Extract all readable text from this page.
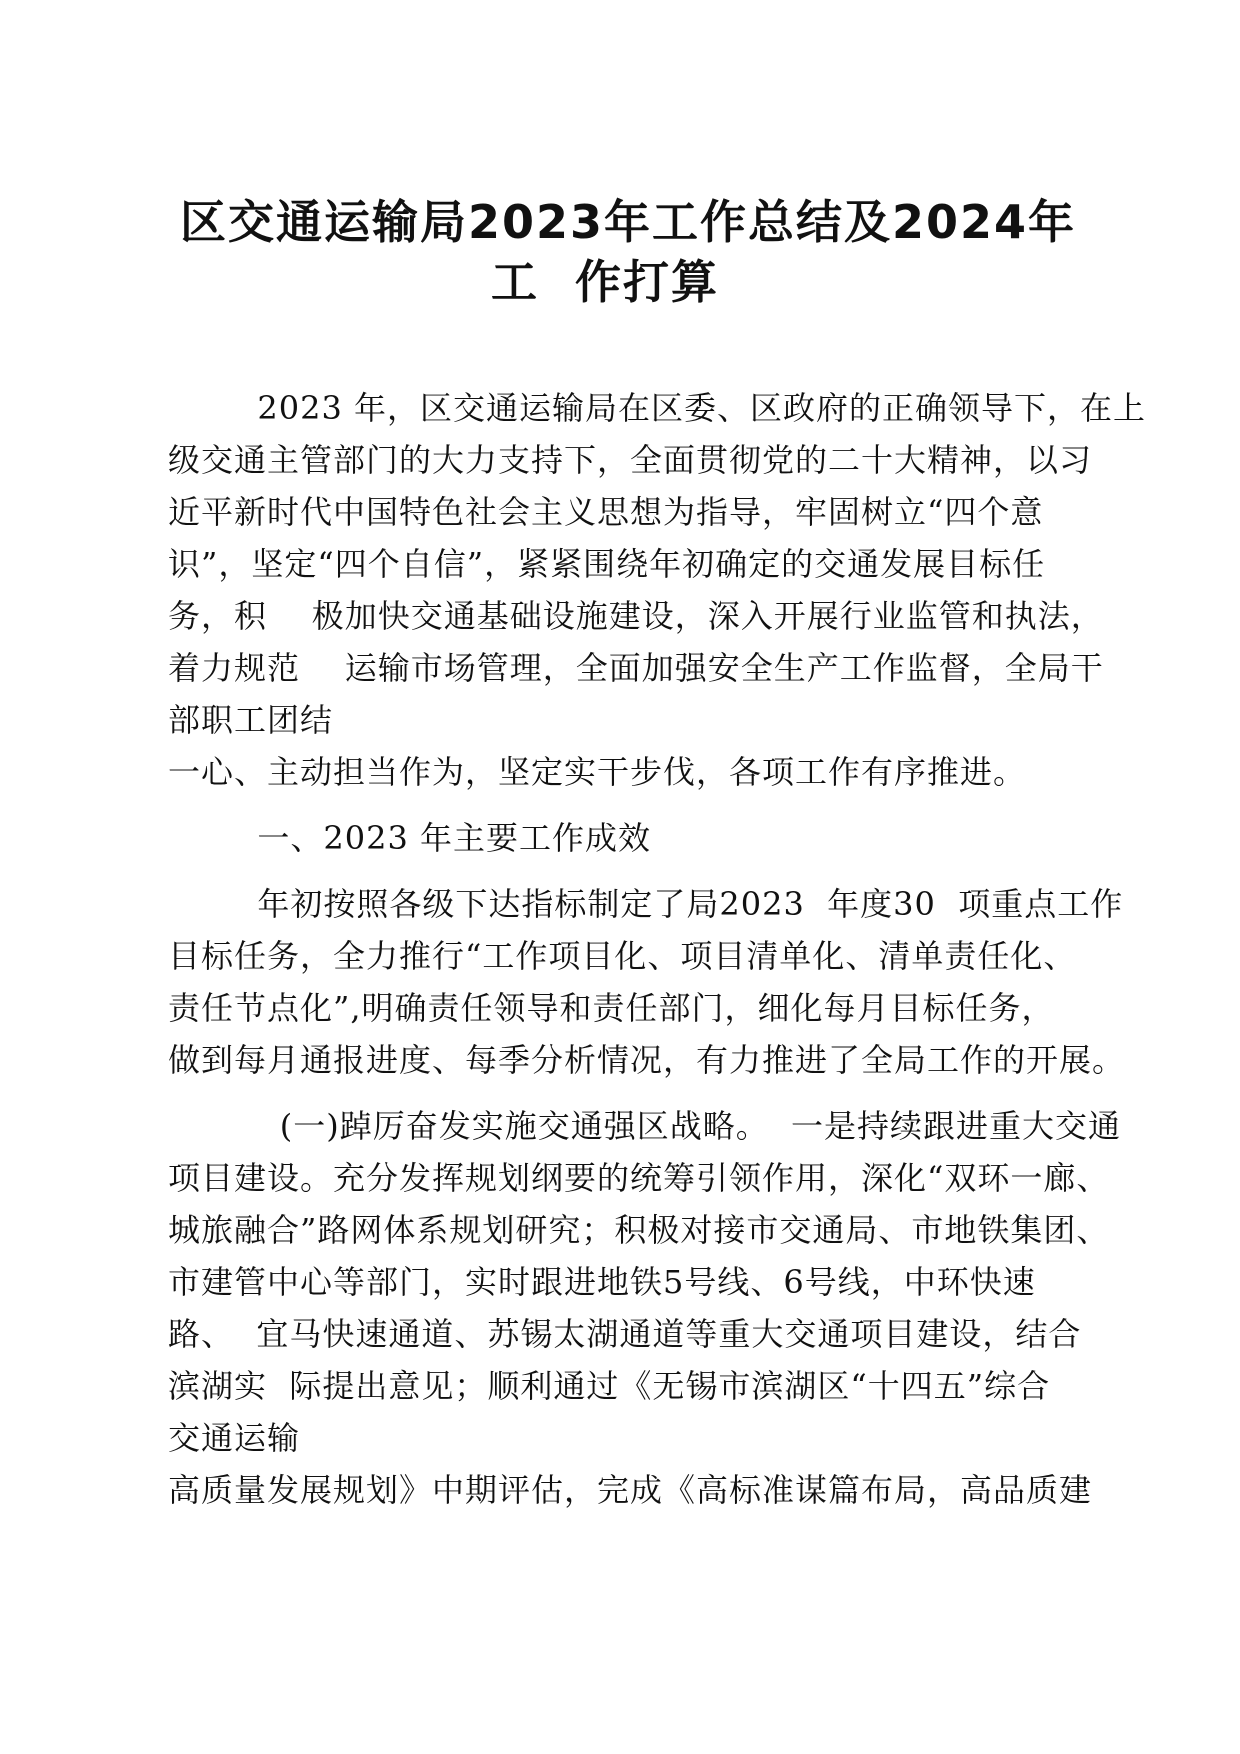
区交通运输局2023年工作总结及2024年
工  作打算
2023 年，区交通运输局在区委、区政府的正确领导下，在上
级交通主管部门的大力支持下，全面贯彻党的二十大精神，以习
近平新时代中国特色社会主义思想为指导，牢固树立“四个意
识”，坚定“四个自信”，紧紧围绕年初确定的交通发展目标任
务，积    极加快交通基础设施建设，深入开展行业监管和执法，
着力规范    运输市场管理，全面加强安全生产工作监督，全局干
部职工团结
一心、主动担当作为，坚定实干步伐，各项工作有序推进。
一、2023 年主要工作成效
年初按照各级下达指标制定了局2023  年度30  项重点工作
目标任务，全力推行“工作项目化、项目清单化、清单责任化、
责任节点化”,明确责任领导和责任部门，细化每月目标任务，
做到每月通报进度、每季分析情况，有力推进了全局工作的开展。
(一)踔厉奋发实施交通强区战略。  一是持续跟进重大交通
项目建设。充分发挥规划纲要的统筹引领作用，深化“双环一廊、
城旅融合”路网体系规划研究；积极对接市交通局、市地铁集团、
市建管中心等部门，实时跟进地铁5号线、6号线，中环快速
路、  宜马快速通道、苏锡太湖通道等重大交通项目建设，结合
滨湖实  际提出意见；顺利通过《无锡市滨湖区“十四五”综合
交通运输
高质量发展规划》中期评估，完成《高标准谋篇布局，高品质建
